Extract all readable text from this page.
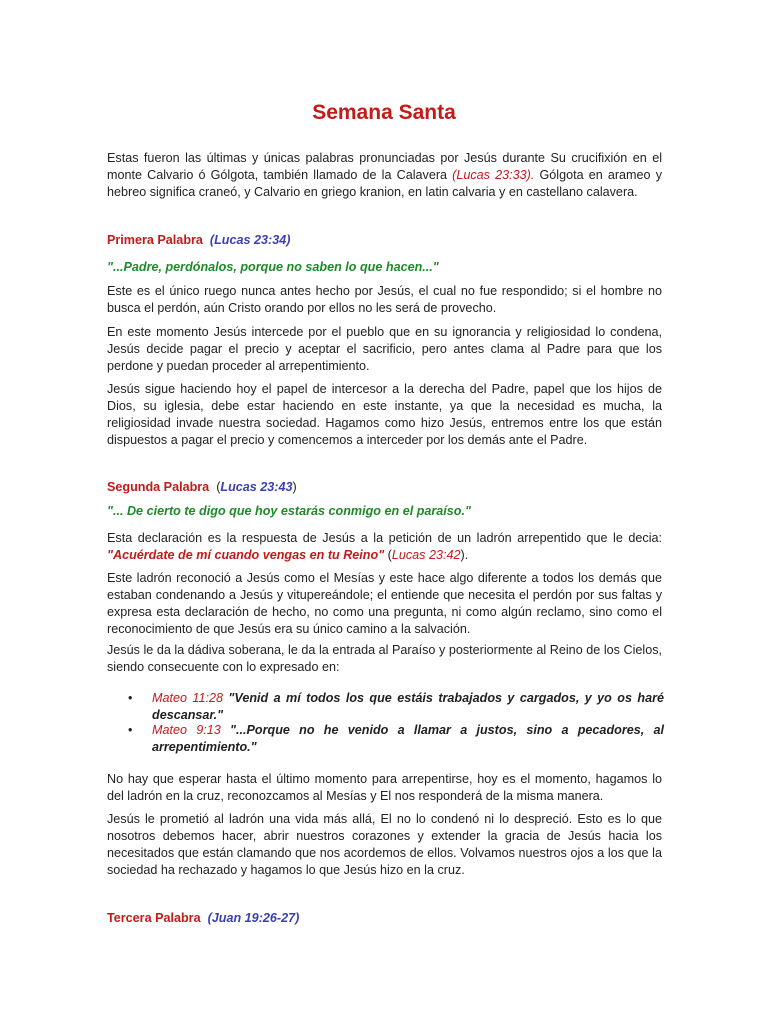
Semana Santa

Estas fueron las últimas y únicas palabras pronunciadas por Jesús durante Su crucifixión en el monte Calvario ó Gólgota, también llamado de la Calavera (Lucas 23:33). Gólgota en arameo y hebreo significa craneó, y Calvario en griego kranion, en latin calvaria y en castellano calavera.

Primera Palabra (Lucas 23:34)
"...Padre, perdónalos, porque no saben lo que hacen..."

Este es el único ruego nunca antes hecho por Jesús, el cual no fue respondido; si el hombre no busca el perdón, aún Cristo orando por ellos no les será de provecho.

En este momento Jesús intercede por el pueblo que en su ignorancia y religiosidad lo condena, Jesús decide pagar el precio y aceptar el sacrificio, pero antes clama al Padre para que los perdone y puedan proceder al arrepentimiento.

Jesús sigue haciendo hoy el papel de intercesor a la derecha del Padre, papel que los hijos de Dios, su iglesia, debe estar haciendo en este instante, ya que la necesidad es mucha, la religiosidad invade nuestra sociedad. Hagamos como hizo Jesús, entremos entre los que están dispuestos a pagar el precio y comencemos a interceder por los demás ante el Padre.

Segunda Palabra (Lucas 23:43)
"... De cierto te digo que hoy estarás conmigo en el paraíso."

Esta declaración es la respuesta de Jesús a la petición de un ladrón arrepentido que le decia: "Acuérdate de mí cuando vengas en tu Reino" (Lucas 23:42).

Este ladrón reconoció a Jesús como el Mesías y este hace algo diferente a todos los demás que estaban condenando a Jesús y vitupereándole; el entiende que necesita el perdón por sus faltas y expresa esta declaración de hecho, no como una pregunta, ni como algún reclamo, sino como el reconocimiento de que Jesús era su único camino a la salvación.

Jesús le da la dádiva soberana, le da la entrada al Paraíso y posteriormente al Reino de los Cielos, siendo consecuente con lo expresado en:

• Mateo 11:28 "Venid a mí todos los que estáis trabajados y cargados, y yo os haré descansar."
• Mateo 9:13 "...Porque no he venido a llamar a justos, sino a pecadores, al arrepentimiento."

No hay que esperar hasta el último momento para arrepentirse, hoy es el momento, hagamos lo del ladrón en la cruz, reconozcamos al Mesías y El nos responderá de la misma manera.

Jesús le prometió al ladrón una vida más allá, El no lo condenó ni lo despreció. Esto es lo que nosotros debemos hacer, abrir nuestros corazones y extender la gracia de Jesús hacia los necesitados que están clamando que nos acordemos de ellos. Volvamos nuestros ojos a los que la sociedad ha rechazado y hagamos lo que Jesús hizo en la cruz.

Tercera Palabra (Juan 19:26-27)
